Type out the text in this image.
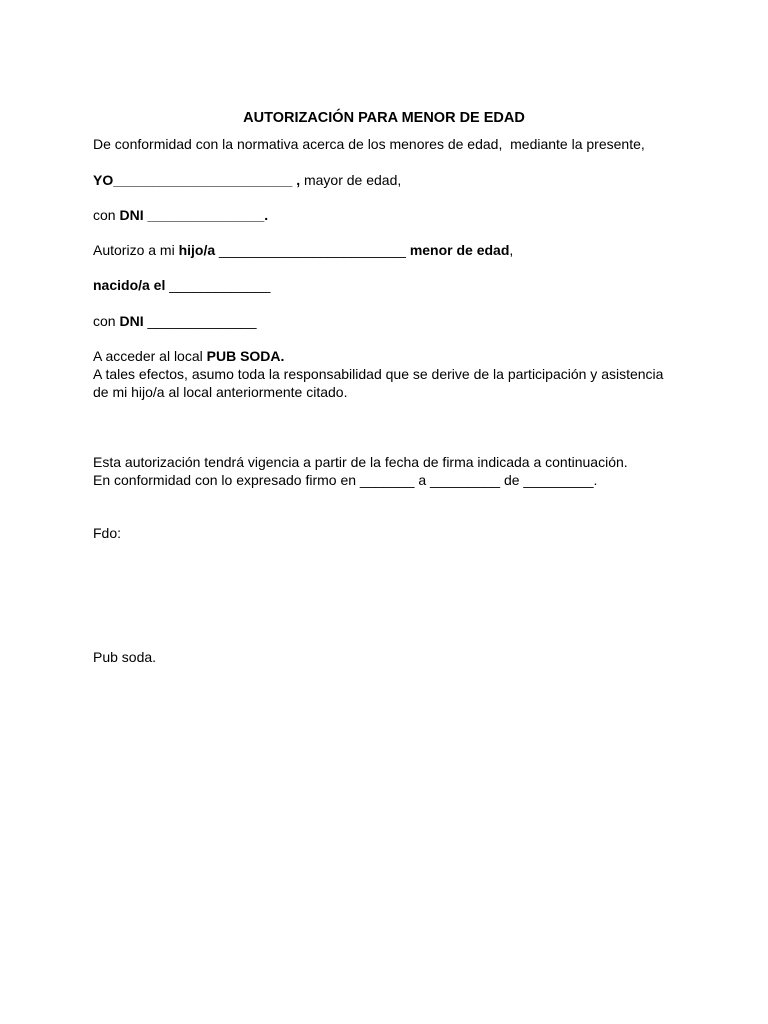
AUTORIZACIÓN PARA MENOR DE EDAD
De conformidad con la normativa acerca de los menores de edad,  mediante la presente,
YO_______________________ , mayor de edad,
con DNI _______________.
Autorizo a mi hijo/a ________________________ menor de edad,
nacido/a el _____________
con DNI ______________
A acceder al local PUB SODA.
A tales efectos, asumo toda la responsabilidad que se derive de la participación y asistencia
de mi hijo/a al local anteriormente citado.
Esta autorización tendrá vigencia a partir de la fecha de firma indicada a continuación.
En conformidad con lo expresado firmo en _______ a _________ de _________.
Fdo:
Pub soda.
